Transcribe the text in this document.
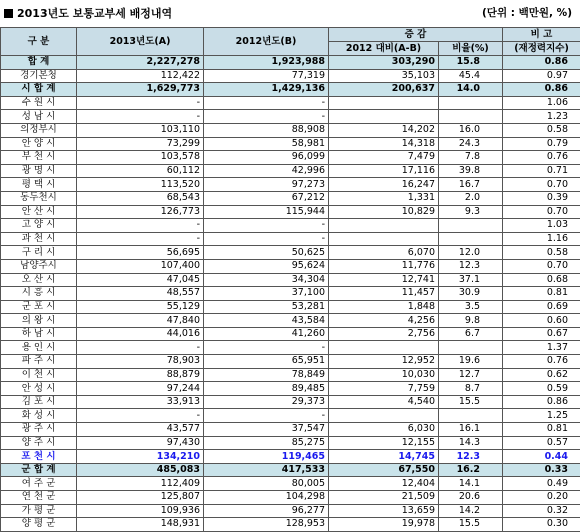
2013년도 보통교부세 배정내역	(단위 : 백만원, %)
구 분	2013년도(A)	2012년도(B)	증 감		비 고
			2012 대비(A-B)	비율(%)	(재정력지수)
합 계	2,227,278	1,923,988	303,290	15.8	0.86
경기본청	112,422	77,319	35,103	45.4	0.97
시 합 계	1,629,773	1,429,136	200,637	14.0	0.86
수 원 시	-	-			1.06
성 남 시	-	-			1.23
의정부시	103,110	88,908	14,202	16.0	0.58
안 양 시	73,299	58,981	14,318	24.3	0.79
부 천 시	103,578	96,099	7,479	7.8	0.76
광 명 시	60,112	42,996	17,116	39.8	0.71
평 택 시	113,520	97,273	16,247	16.7	0.70
동두천시	68,543	67,212	1,331	2.0	0.39
안 산 시	126,773	115,944	10,829	9.3	0.70
고 양 시	-	-			1.03
과 천 시	-	-			1.16
구 리 시	56,695	50,625	6,070	12.0	0.58
남양주시	107,400	95,624	11,776	12.3	0.70
오 산 시	47,045	34,304	12,741	37.1	0.68
시 흥 시	48,557	37,100	11,457	30.9	0.81
군 포 시	55,129	53,281	1,848	3.5	0.69
의 왕 시	47,840	43,584	4,256	9.8	0.60
하 남 시	44,016	41,260	2,756	6.7	0.67
용 인 시	-	-			1.37
파 주 시	78,903	65,951	12,952	19.6	0.76
이 천 시	88,879	78,849	10,030	12.7	0.62
안 성 시	97,244	89,485	7,759	8.7	0.59
김 포 시	33,913	29,373	4,540	15.5	0.86
화 성 시	-	-			1.25
광 주 시	43,577	37,547	6,030	16.1	0.81
양 주 시	97,430	85,275	12,155	14.3	0.57
포 천 시	134,210	119,465	14,745	12.3	0.44
군 합 계	485,083	417,533	67,550	16.2	0.33
여 주 군	112,409	80,005	12,404	14.1	0.49
연 천 군	125,807	104,298	21,509	20.6	0.20
가 평 군	109,936	96,277	13,659	14.2	0.32
양 평 군	148,931	128,953	19,978	15.5	0.30
